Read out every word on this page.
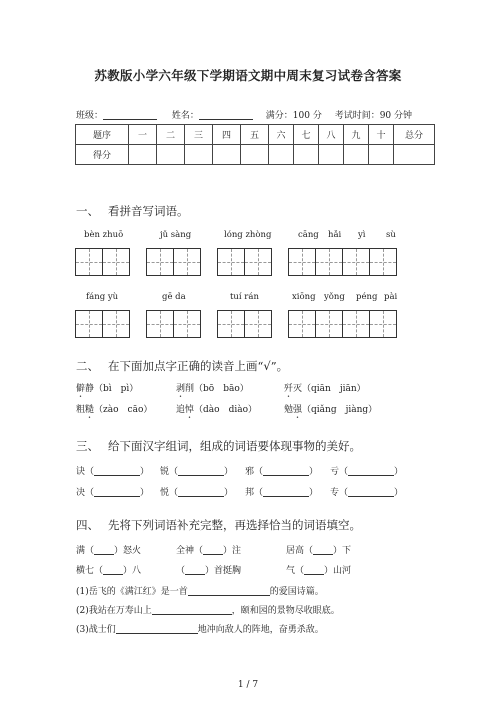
苏教版小学六年级下学期语文期中周末复习试卷含答案
班级：	姓名：	满分：100 分 考试时间：90 分钟
题序	一	二	三	四	五	六	七	八	九	十	总分
得分											
一、 看拼音写词语。
bèn zhuō	jǔ sàng	lóng zhòng	cāng hǎi yì sù
fáng yù	gē da	tuí rán	xiōng yǒng péng pài
二、 在下面加点字正确的读音上画“√”。
僻静（bì　pì）	剥削（bō　bāo）	歼灭（qiān　jiān）
粗糙（zào　cāo）	追悼（dào　diào）	勉强（qiǎng　jiàng）
三、 给下面汉字组词，组成的词语要体现事物的美好。
诀（	） 锐（	） 邪（	） 亏（	）
决（	） 悦（	） 邦（	） 专（	）
四、 先将下列词语补充完整，再选择恰当的词语填空。
满（ ）怒火	全神（ ）注	居高（ ）下
横七（ ）八	（ ）首挺胸	气（ ）山河
(1)岳飞的《满江红》是一首	的爱国诗篇。
(2)我站在万寿山上	，颐和园的景物尽收眼底。
(3)战士们	地冲向敌人的阵地，奋勇杀敌。
1 / 7
